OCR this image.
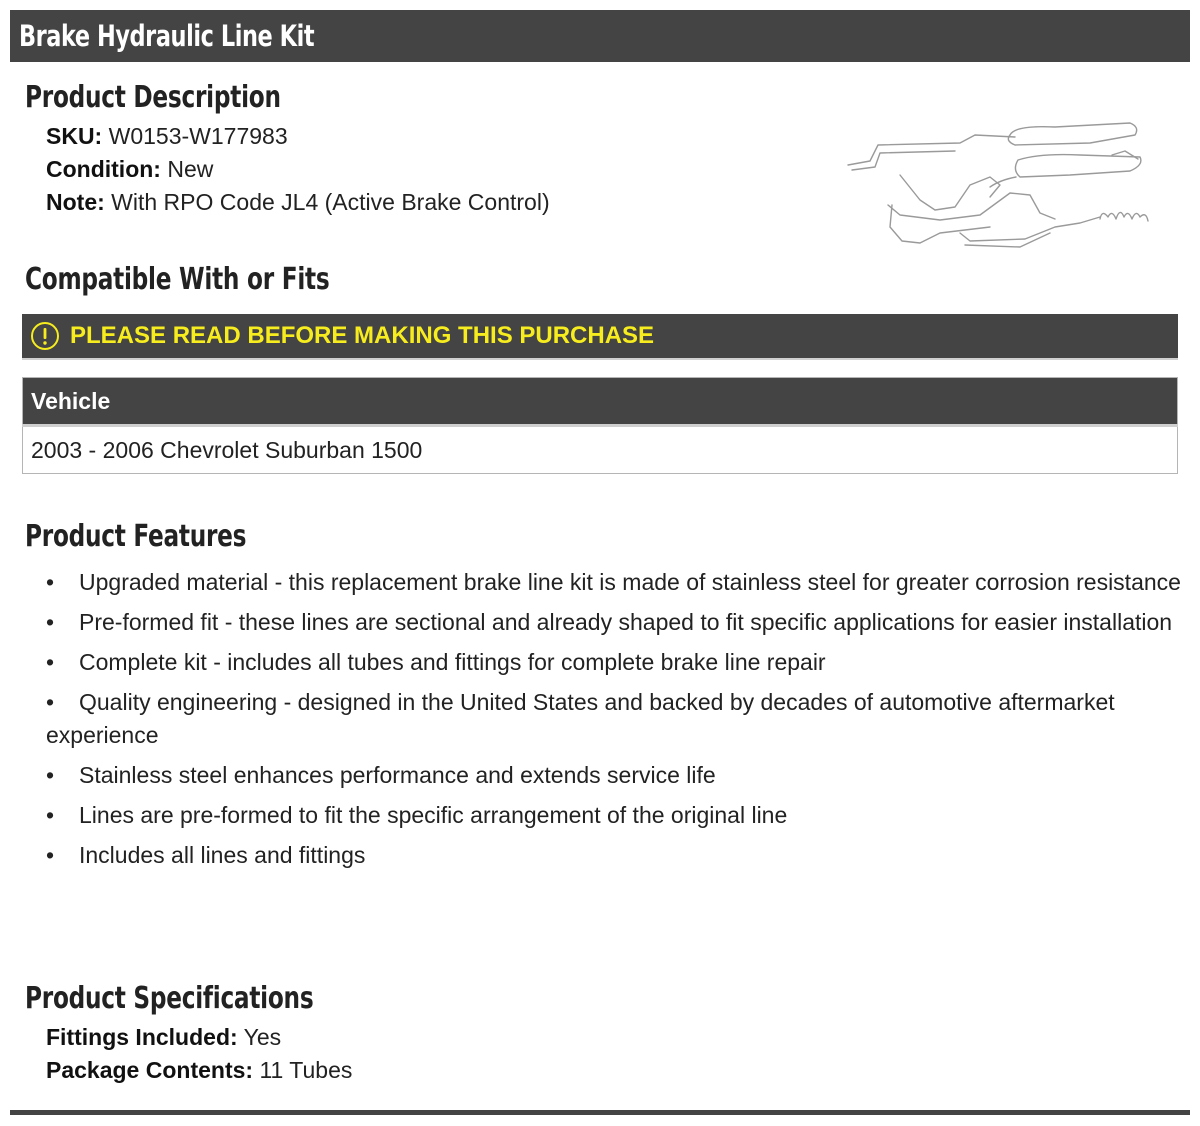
Brake Hydraulic Line Kit
Product Description

SKU: W0153-W177983

Condition: New

Note: With RPO Code JL4 (Active Brake Control)

Compatible With or Fits
PLEASE READ BEFORE MAKING THIS PURCHASE
Vehicle
2003 - 2006 Chevrolet Suburban 1500
Product Features
•	Upgraded material - this replacement brake line kit is made of stainless steel for greater corrosion resistance
•	Pre-formed fit - these lines are sectional and already shaped to fit specific applications for easier installation
•	Complete kit - includes all tubes and fittings for complete brake line repair
•	Quality engineering - designed in the United States and backed by decades of automotive aftermarket experience
•	Stainless steel enhances performance and extends service life
•	Lines are pre-formed to fit the specific arrangement of the original line
•	Includes all lines and fittings
Product Specifications

Fittings Included: Yes

Package Contents: 11 Tubes
